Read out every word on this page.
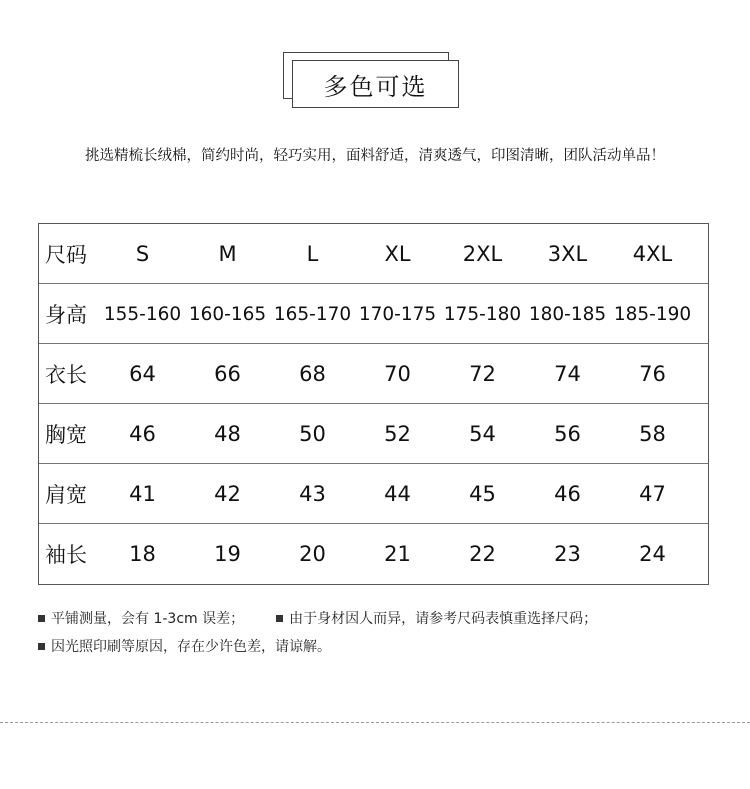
多色可选
挑选精梳长绒棉，简约时尚，轻巧实用，面料舒适，清爽透气，印图清晰，团队活动单品！
尺码	S	M	L	XL	2XL	3XL	4XL
身高 155-160 160-165 165-170 170-175 175-180 180-185 185-190
衣长	64	66	68	70	72	74	76
胸宽	46	48	50	52	54	56	58
肩宽	41	42	43	44	45	46	47
袖长	18	19	20	21	22	23	24
平铺测量，会有 1-3cm 误差；	由于身材因人而异，请参考尺码表慎重选择尺码；
因光照印刷等原因，存在少许色差，请谅解。
